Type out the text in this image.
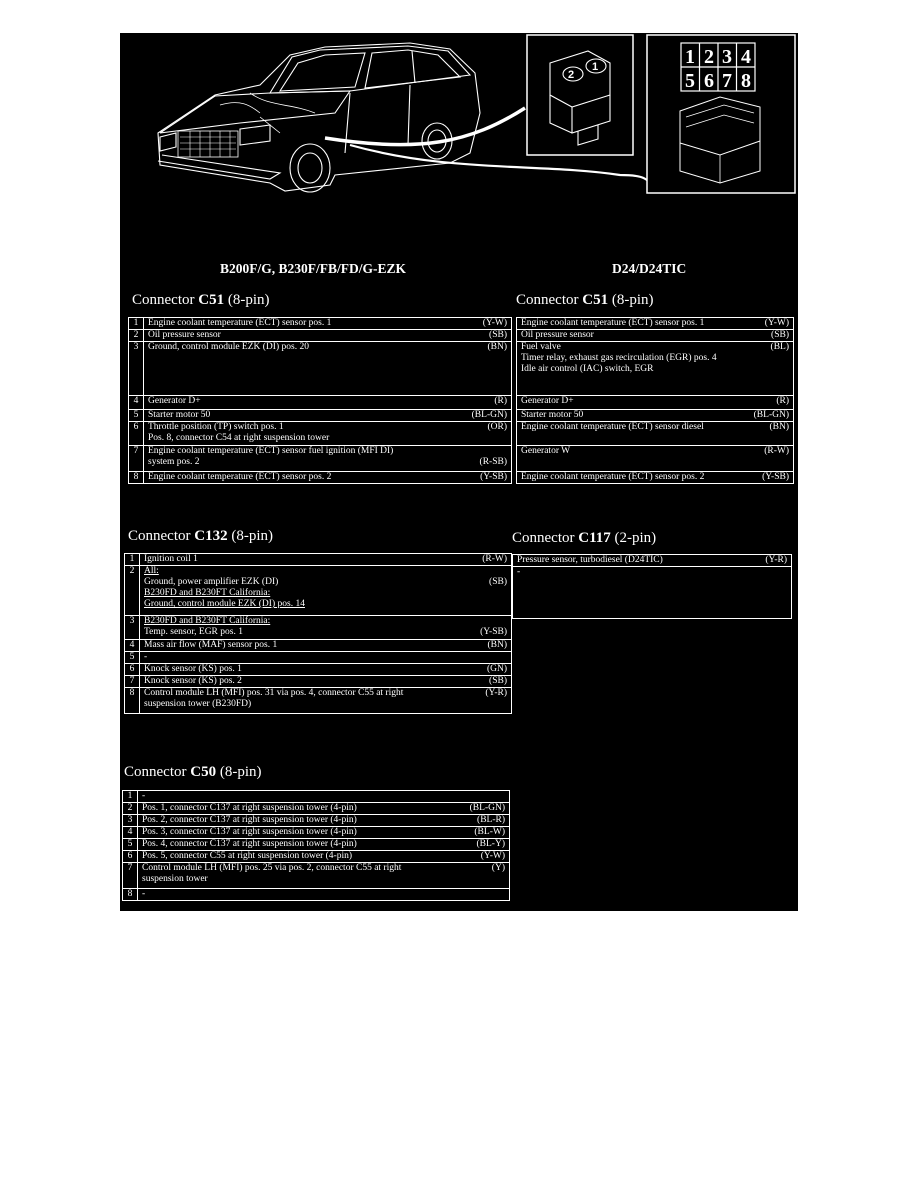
2
1	1 2 3 4
5 6 7 8
B200F/G, B230F/FB/FD/G-EZK	D24/D24TIC
Connector C51 (8-pin)
1	Engine coolant temperature (ECT) sensor pos. 1 (Y-W)

2	Oil pressure sensor (SB)

3	Ground, control module EZK (DI) pos. 20 (BN)

4	Generator D+ (R)

5	Starter motor 50 (BL-GN)

6	Throttle position (TP) switch pos. 1 (OR)
Pos. 8, connector C54 at right suspension tower

7	Engine coolant temperature (ECT) sensor fuel ignition (MFI DI)
system pos. 2 (R-SB)

8	Engine coolant temperature (ECT) sensor pos. 2 (Y-SB)
Connector C51 (8-pin)
Engine coolant temperature (ECT) sensor pos. 1	(Y-W)

Oil pressure sensor	(SB)

Fuel valve	(BL)
Timer relay, exhaust gas recirculation (EGR) pos. 4
Idle air control (IAC) switch, EGR

Generator D+	(R)

Starter motor 50	(BL-GN)

Engine coolant temperature (ECT) sensor diesel	(BN)

Generator W	(R-W)

Engine coolant temperature (ECT) sensor pos. 2	(Y-SB)
Connector C132 (8-pin)
1	Ignition coil 1 (R-W)

2	All:
Ground, power amplifier EZK (DI) (SB)
B230FD and B230FT California:
Ground, control module EZK (DI) pos. 14

3	B230FD and B230FT California:
Temp. sensor, EGR pos. 1 (Y-SB)

4	Mass air flow (MAF) sensor pos. 1 (BN)

5	-

6	Knock sensor (KS) pos. 1 (GN)

7	Knock sensor (KS) pos. 2 (SB)

8	Control module LH (MFI) pos. 31 via pos. 4, connector C55 at right (Y-R)
suspension tower (B230FD)
Connector C117 (2-pin)
Pressure sensor, turbodiesel (D24TIC)	(Y-R)

-
Connector C50 (8-pin)
1	-

2	Pos. 1, connector C137 at right suspension tower (4-pin) (BL-GN)

3	Pos. 2, connector C137 at right suspension tower (4-pin) (BL-R)

4	Pos. 3, connector C137 at right suspension tower (4-pin) (BL-W)

5	Pos. 4, connector C137 at right suspension tower (4-pin) (BL-Y)

6	Pos. 5, connector C55 at right suspension tower (4-pin) (Y-W)

7	Control module LH (MFI) pos. 25 via pos. 2, connector C55 at right (Y)
suspension tower

8	-
